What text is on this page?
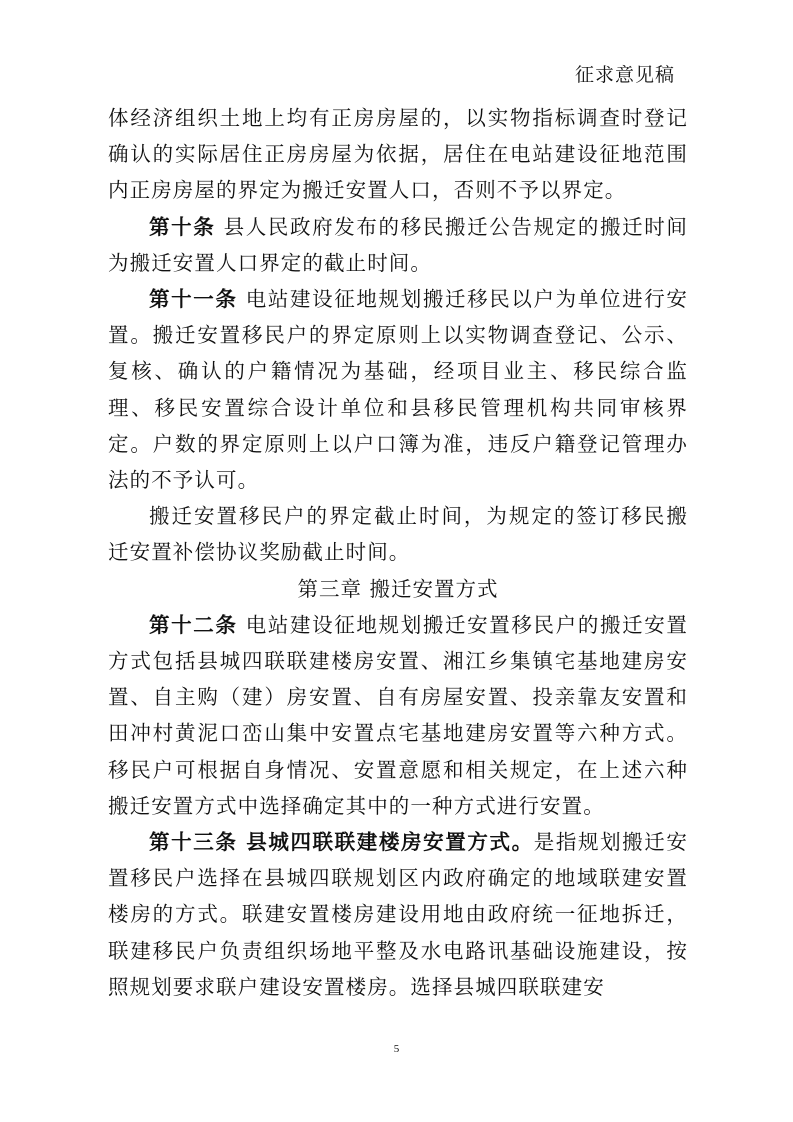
征求意见稿

体经济组织土地上均有正房房屋的，以实物指标调查时登记确认的实际居住正房房屋为依据，居住在电站建设征地范围内正房房屋的界定为搬迁安置人口，否则不予以界定。

第十条 县人民政府发布的移民搬迁公告规定的搬迁时间为搬迁安置人口界定的截止时间。

第十一条 电站建设征地规划搬迁移民以户为单位进行安置。搬迁安置移民户的界定原则上以实物调查登记、公示、复核、确认的户籍情况为基础，经项目业主、移民综合监理、移民安置综合设计单位和县移民管理机构共同审核界定。户数的界定原则上以户口簿为准，违反户籍登记管理办法的不予认可。

搬迁安置移民户的界定截止时间，为规定的签订移民搬迁安置补偿协议奖励截止时间。

第三章 搬迁安置方式

第十二条 电站建设征地规划搬迁安置移民户的搬迁安置方式包括县城四联联建楼房安置、湘江乡集镇宅基地建房安置、自主购（建）房安置、自有房屋安置、投亲靠友安置和田冲村黄泥口峦山集中安置点宅基地建房安置等六种方式。移民户可根据自身情况、安置意愿和相关规定，在上述六种搬迁安置方式中选择确定其中的一种方式进行安置。

第十三条 县城四联联建楼房安置方式。是指规划搬迁安置移民户选择在县城四联规划区内政府确定的地域联建安置楼房的方式。联建安置楼房建设用地由政府统一征地拆迁，联建移民户负责组织场地平整及水电路讯基础设施建设，按照规划要求联户建设安置楼房。选择县城四联联建安

5
